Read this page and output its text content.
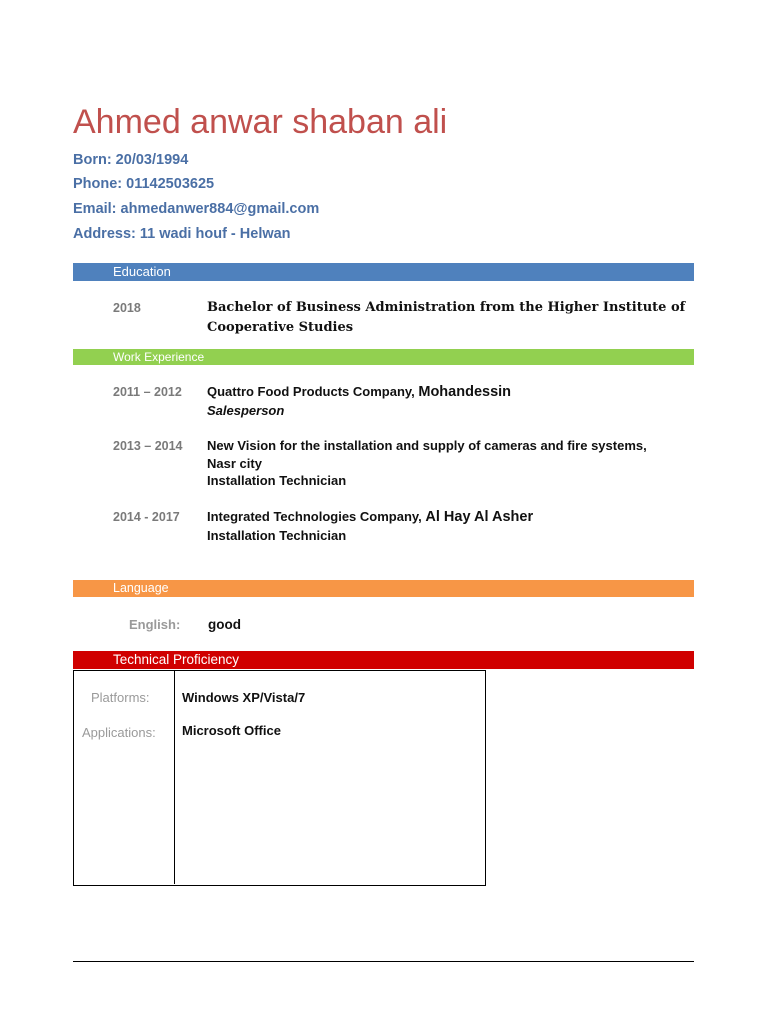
Ahmed anwar shaban ali
Born: 20/03/1994
Phone: 01142503625
Email: ahmedanwer884@gmail.com
Address: 11 wadi houf - Helwan
Education
2018	Bachelor of Business Administration from the Higher Institute of Cooperative Studies
Work Experience
2011 – 2012 Quattro Food Products Company, Mohandessin
Salesperson
2013 – 2014 New Vision for the installation and supply of cameras and fire systems,
Nasr city
Installation Technician
2014 - 2017 Integrated Technologies Company, Al Hay Al Asher
Installation Technician
Language
English: good
Technical Proficiency
Platforms: Windows XP/Vista/7
Applications: Microsoft Office
